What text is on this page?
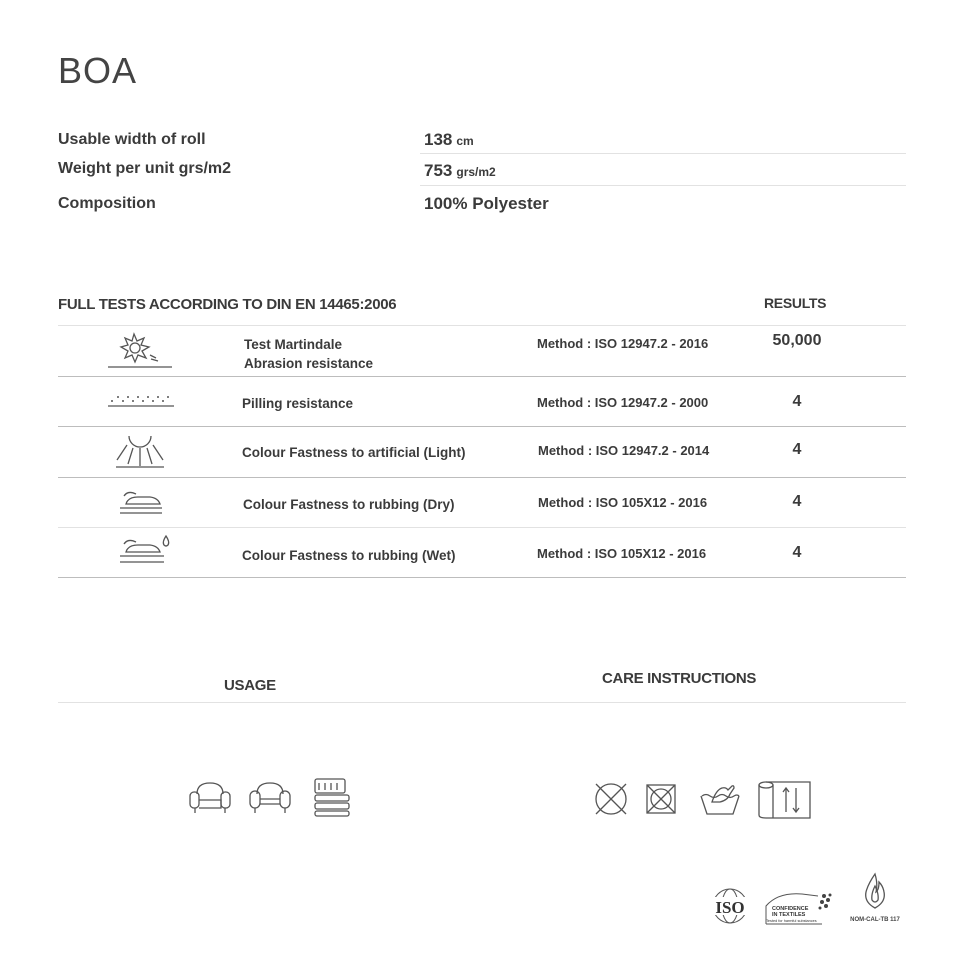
BOA
Usable width of roll	138 cm
Weight per unit grs/m2	753 grs/m2
Composition	100% Polyester
FULL TESTS ACCORDING TO DIN EN 14465:2006	RESULTS
Test Martindale
Abrasion resistance
Method : ISO 12947.2 - 2016	50,000
Pilling resistance	Method : ISO 12947.2 - 2000	4
Colour Fastness to artificial (Light)	Method : ISO 12947.2 - 2014	4
Colour Fastness to rubbing (Dry)	Method : ISO 105X12 - 2016	4
Colour Fastness to rubbing (Wet)	Method : ISO 105X12 - 2016	4
USAGE	CARE INSTRUCTIONS
ISO	CONFIDENCE
IN TEXTILES
Tested for harmful substances	NOM-CAL-TB 117
